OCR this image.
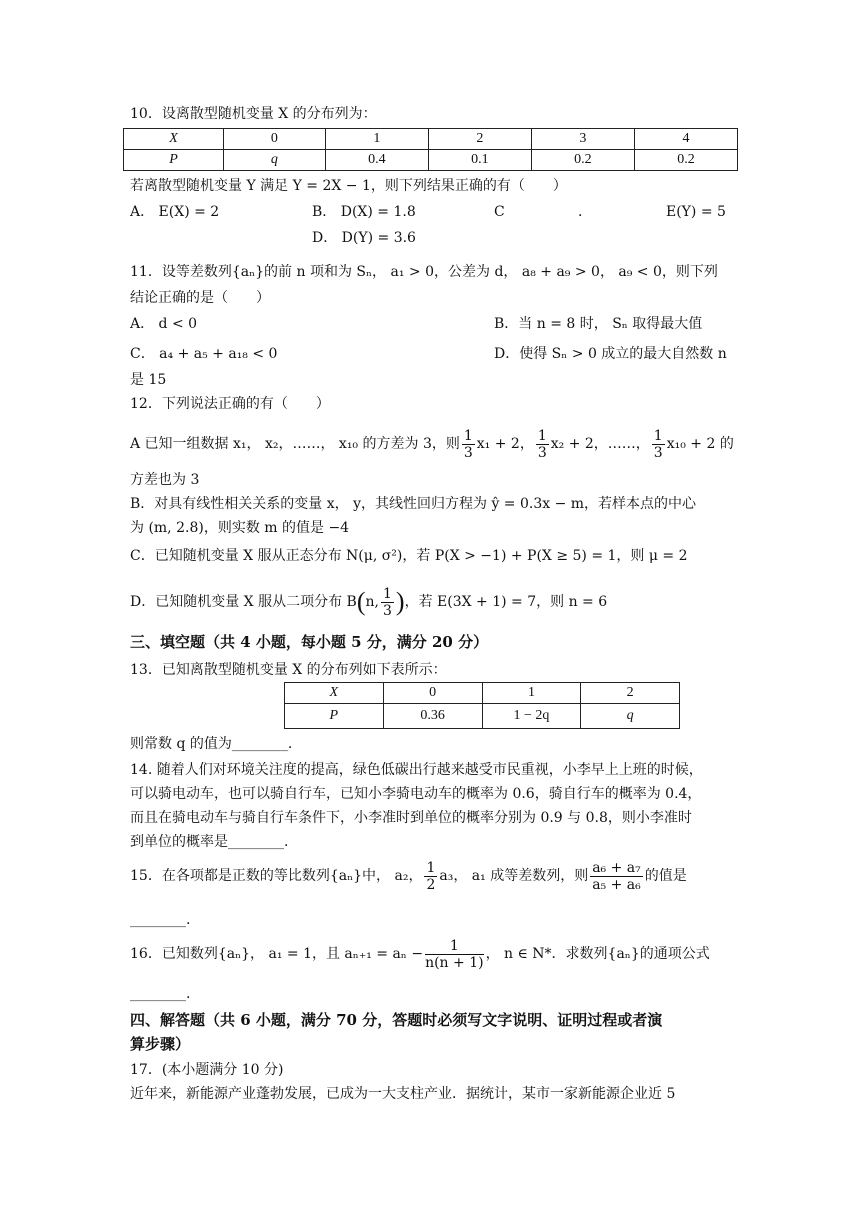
10．设离散型随机变量 X 的分布列为：
X	0	1	2	3	4
P	q	0.4	0.1	0.2	0.2
若离散型随机变量 Y 满足 Y = 2X − 1，则下列结果正确的有（　　）
A． E(X) = 2	B． D(X) = 1.8	C	.	E(Y) = 5
D． D(Y) = 3.6
11．设等差数列{aₙ}的前 n 项和为 Sₙ， a₁ > 0，公差为 d， a₈ + a₉ > 0， a₉ < 0，则下列
结论正确的是（　　）
A． d < 0	B．当 n = 8 时， Sₙ 取得最大值
C． a₄ + a₅ + a₁₈ < 0	D．使得 Sₙ > 0 成立的最大自然数 n
是 15
12．下列说法正确的有（　　）
A 已知一组数据 x₁， x₂，……， x₁₀ 的方差为 3，则 $\frac{1}{3} x_1 + 2$， $\frac{1}{3} x_2 + 2$，……， $\frac{1}{3} x_{10} + 2$ 的
方差也为 3
B．对具有线性相关关系的变量 x， y，其线性回归方程为 ŷ = 0.3x − m，若样本点的中心
为 (m, 2.8)，则实数 m 的值是 −4
C．已知随机变量 X 服从正态分布 N(μ, σ²)，若 P(X > −1) + P(X ≥ 5) = 1，则 μ = 2
D．已知随机变量 X 服从二项分布 B(n, $\frac{1}{3}$ )，若 E(3X + 1) = 7，则 n = 6
三、填空题（共 4 小题，每小题 5 分，满分 20 分）
13．已知离散型随机变量 X 的分布列如下表所示：
X	0	1	2
P	0.36	1 − 2q	q
则常数 q 的值为________.
14. 随着人们对环境关注度的提高，绿色低碳出行越来越受市民重视，小李早上上班的时候，
可以骑电动车，也可以骑自行车，已知小李骑电动车的概率为 0.6，骑自行车的概率为 0.4，
而且在骑电动车与骑自行车条件下，小李准时到单位的概率分别为 0.9 与 0.8，则小李准时
到单位的概率是________.
15．在各项都是正数的等比数列{aₙ}中， a₂， $\frac{1}{2} a_3$， a₁ 成等差数列，则 $\frac{\text{a₆ + a₇}}{\text{a₅ + a₆}}$ 的值是
________.
16．已知数列{aₙ}， a₁ = 1，且 $a_{n+1} = a_n - \frac{1}{n(n + 1)}$ ， n ∈ N*．求数列{aₙ}的通项公式
________.
四、解答题（共 6 小题，满分 70 分，答题时必须写文字说明、证明过程或者演
算步骤）
17．(本小题满分 10 分)
近年来，新能源产业蓬勃发展，已成为一大支柱产业．据统计，某市一家新能源企业近 5
